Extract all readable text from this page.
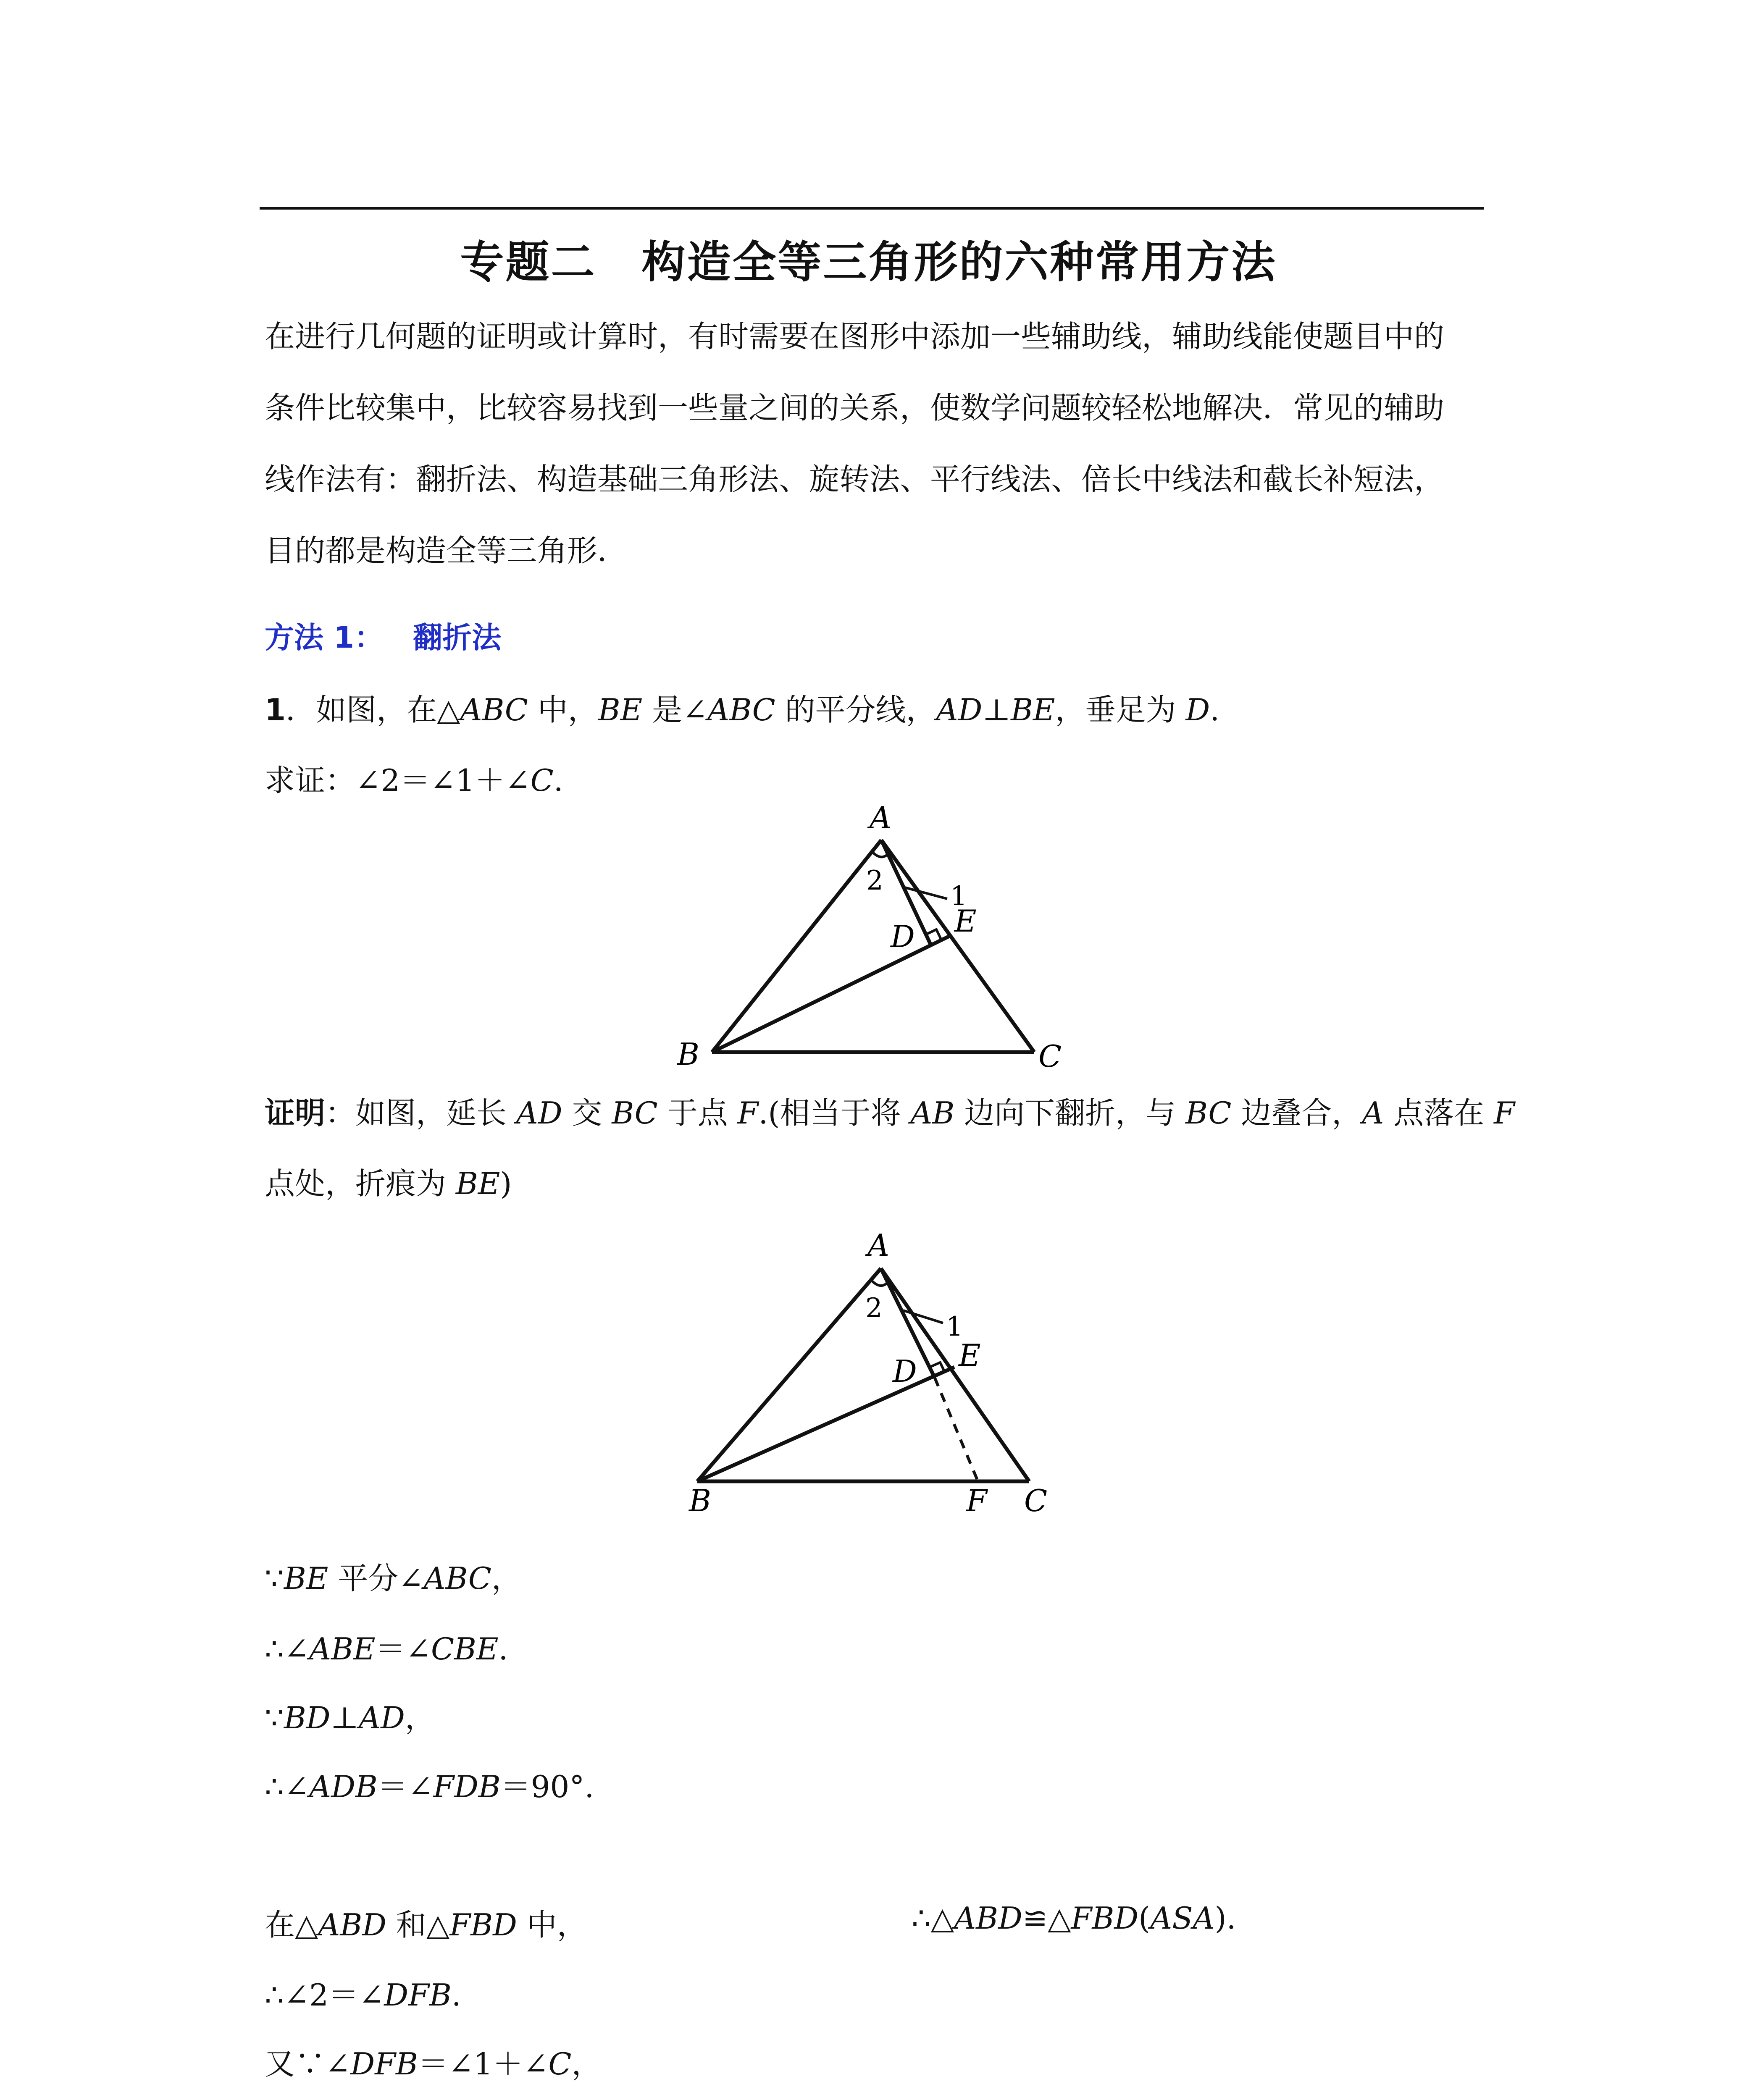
专题二　构造全等三角形的六种常用方法
在进行几何题的证明或计算时，有时需要在图形中添加一些辅助线，辅助线能使题目中的
条件比较集中，比较容易找到一些量之间的关系，使数学问题较轻松地解决．常见的辅助
线作法有：翻折法、构造基础三角形法、旋转法、平行线法、倍长中线法和截长补短法，
目的都是构造全等三角形．
方法 1：  翻折法
1．如图，在△ABC 中，BE 是∠ABC 的平分线，AD⊥BE，垂足为 D.
求证：∠2＝∠1＋∠C.
A
B	C
D E
1
2
证明：如图，延长 AD 交 BC 于点 F.(相当于将 AB 边向下翻折，与 BC 边叠合，A 点落在 F
点处，折痕为 BE)
A
B	C
D E
F
1
2
∵BE 平分∠ABC，
∴∠ABE＝∠CBE.
∵BD⊥AD，
∴∠ADB＝∠FDB＝90°.
在△ABD 和△FBD 中，	∴△ABD≌△FBD(ASA).
∴∠2＝∠DFB.
又∵∠DFB＝∠1＋∠C，
